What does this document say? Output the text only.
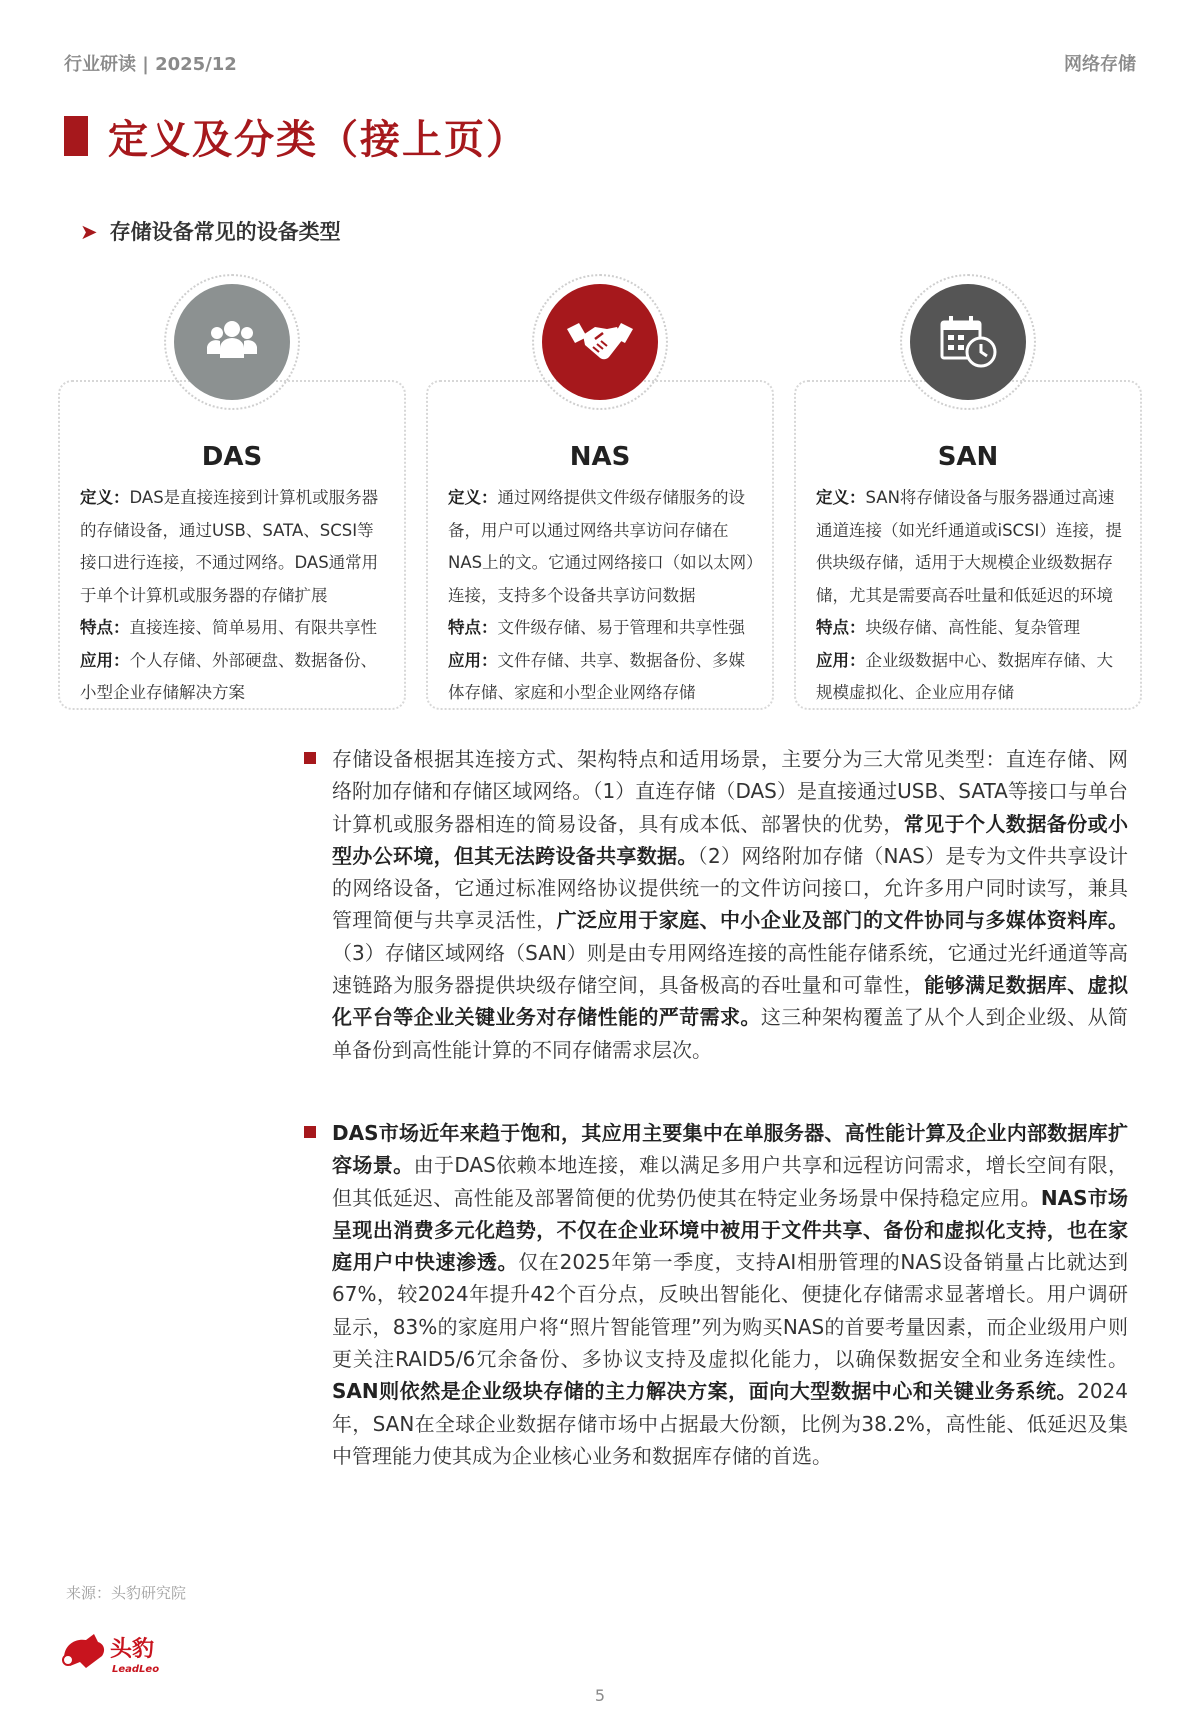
行业研读 | 2025/12	网络存储
定义及分类（接上页）
➤ 存储设备常见的设备类型
DAS
定义：DAS是直接连接到计算机或服务器的存储设备，通过USB、SATA、SCSI等接口进行连接，不通过网络。DAS通常用于单个计算机或服务器的存储扩展
特点：直接连接、简单易用、有限共享性
应用：个人存储、外部硬盘、数据备份、小型企业存储解决方案
NAS
定义：通过网络提供文件级存储服务的设备，用户可以通过网络共享访问存储在NAS上的文。它通过网络接口（如以太网）连接，支持多个设备共享访问数据
特点：文件级存储、易于管理和共享性强
应用：文件存储、共享、数据备份、多媒体存储、家庭和小型企业网络存储
SAN
定义：SAN将存储设备与服务器通过高速通道连接（如光纤通道或iSCSI）连接，提供块级存储，适用于大规模企业级数据存储，尤其是需要高吞吐量和低延迟的环境
特点：块级存储、高性能、复杂管理
应用：企业级数据中心、数据库存储、大规模虚拟化、企业应用存储
存储设备根据其连接方式、架构特点和适用场景，主要分为三大常见类型：直连存储、网络附加存储和存储区域网络。（1）直连存储（DAS）是直接通过USB、SATA等接口与单台计算机或服务器相连的简易设备，具有成本低、部署快的优势，常见于个人数据备份或小型办公环境，但其无法跨设备共享数据。（2）网络附加存储（NAS）是专为文件共享设计的网络设备，它通过标准网络协议提供统一的文件访问接口，允许多用户同时读写，兼具管理简便与共享灵活性，广泛应用于家庭、中小企业及部门的文件协同与多媒体资料库。（3）存储区域网络（SAN）则是由专用网络连接的高性能存储系统，它通过光纤通道等高速链路为服务器提供块级存储空间，具备极高的吞吐量和可靠性，能够满足数据库、虚拟化平台等企业关键业务对存储性能的严苛需求。这三种架构覆盖了从个人到企业级、从简单备份到高性能计算的不同存储需求层次。
DAS市场近年来趋于饱和，其应用主要集中在单服务器、高性能计算及企业内部数据库扩容场景。由于DAS依赖本地连接，难以满足多用户共享和远程访问需求，增长空间有限，但其低延迟、高性能及部署简便的优势仍使其在特定业务场景中保持稳定应用。NAS市场呈现出消费多元化趋势，不仅在企业环境中被用于文件共享、备份和虚拟化支持，也在家庭用户中快速渗透。仅在2025年第一季度，支持AI相册管理的NAS设备销量占比就达到67%，较2024年提升42个百分点，反映出智能化、便捷化存储需求显著增长。用户调研显示，83%的家庭用户将“照片智能管理”列为购买NAS的首要考量因素，而企业级用户则更关注RAID5/6冗余备份、多协议支持及虚拟化能力，以确保数据安全和业务连续性。SAN则依然是企业级块存储的主力解决方案，面向大型数据中心和关键业务系统。2024年，SAN在全球企业数据存储市场中占据最大份额，比例为38.2%，高性能、低延迟及集中管理能力使其成为企业核心业务和数据库存储的首选。
来源：头豹研究院
头豹
LeadLeo
5
